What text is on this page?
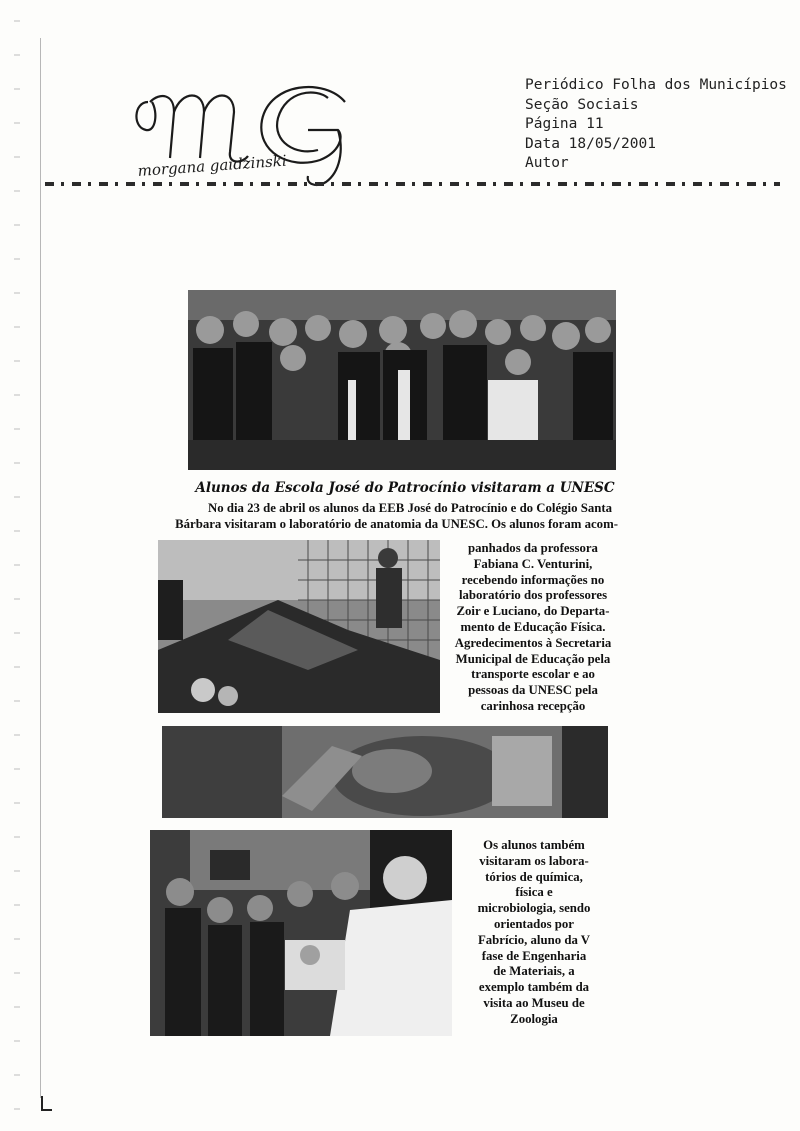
morgana gaidzinski
Periódico Folha dos Municípios
Seção Sociais
Página 11
Data 18/05/2001
Autor
Alunos da Escola José do Patrocínio visitaram a UNESC
No dia 23 de abril os alunos da EEB José do Patrocínio e do Colégio Santa
Bárbara visitaram o laboratório de anatomia da UNESC. Os alunos foram acom-
panhados da professora
Fabiana C. Venturini,
recebendo informações no
laboratório dos professores
Zoir e Luciano, do Departa-
mento de Educação Física.
Agredecimentos à Secretaria
Municipal de Educação pela
transporte escolar e ao
pessoas da UNESC pela
carinhosa recepção
Os alunos também
visitaram os labora-
tórios de química,
física e
microbiologia, sendo
orientados por
Fabrício, aluno da V
fase de Engenharia
de Materiais, a
exemplo também da
visita ao Museu de
Zoologia
